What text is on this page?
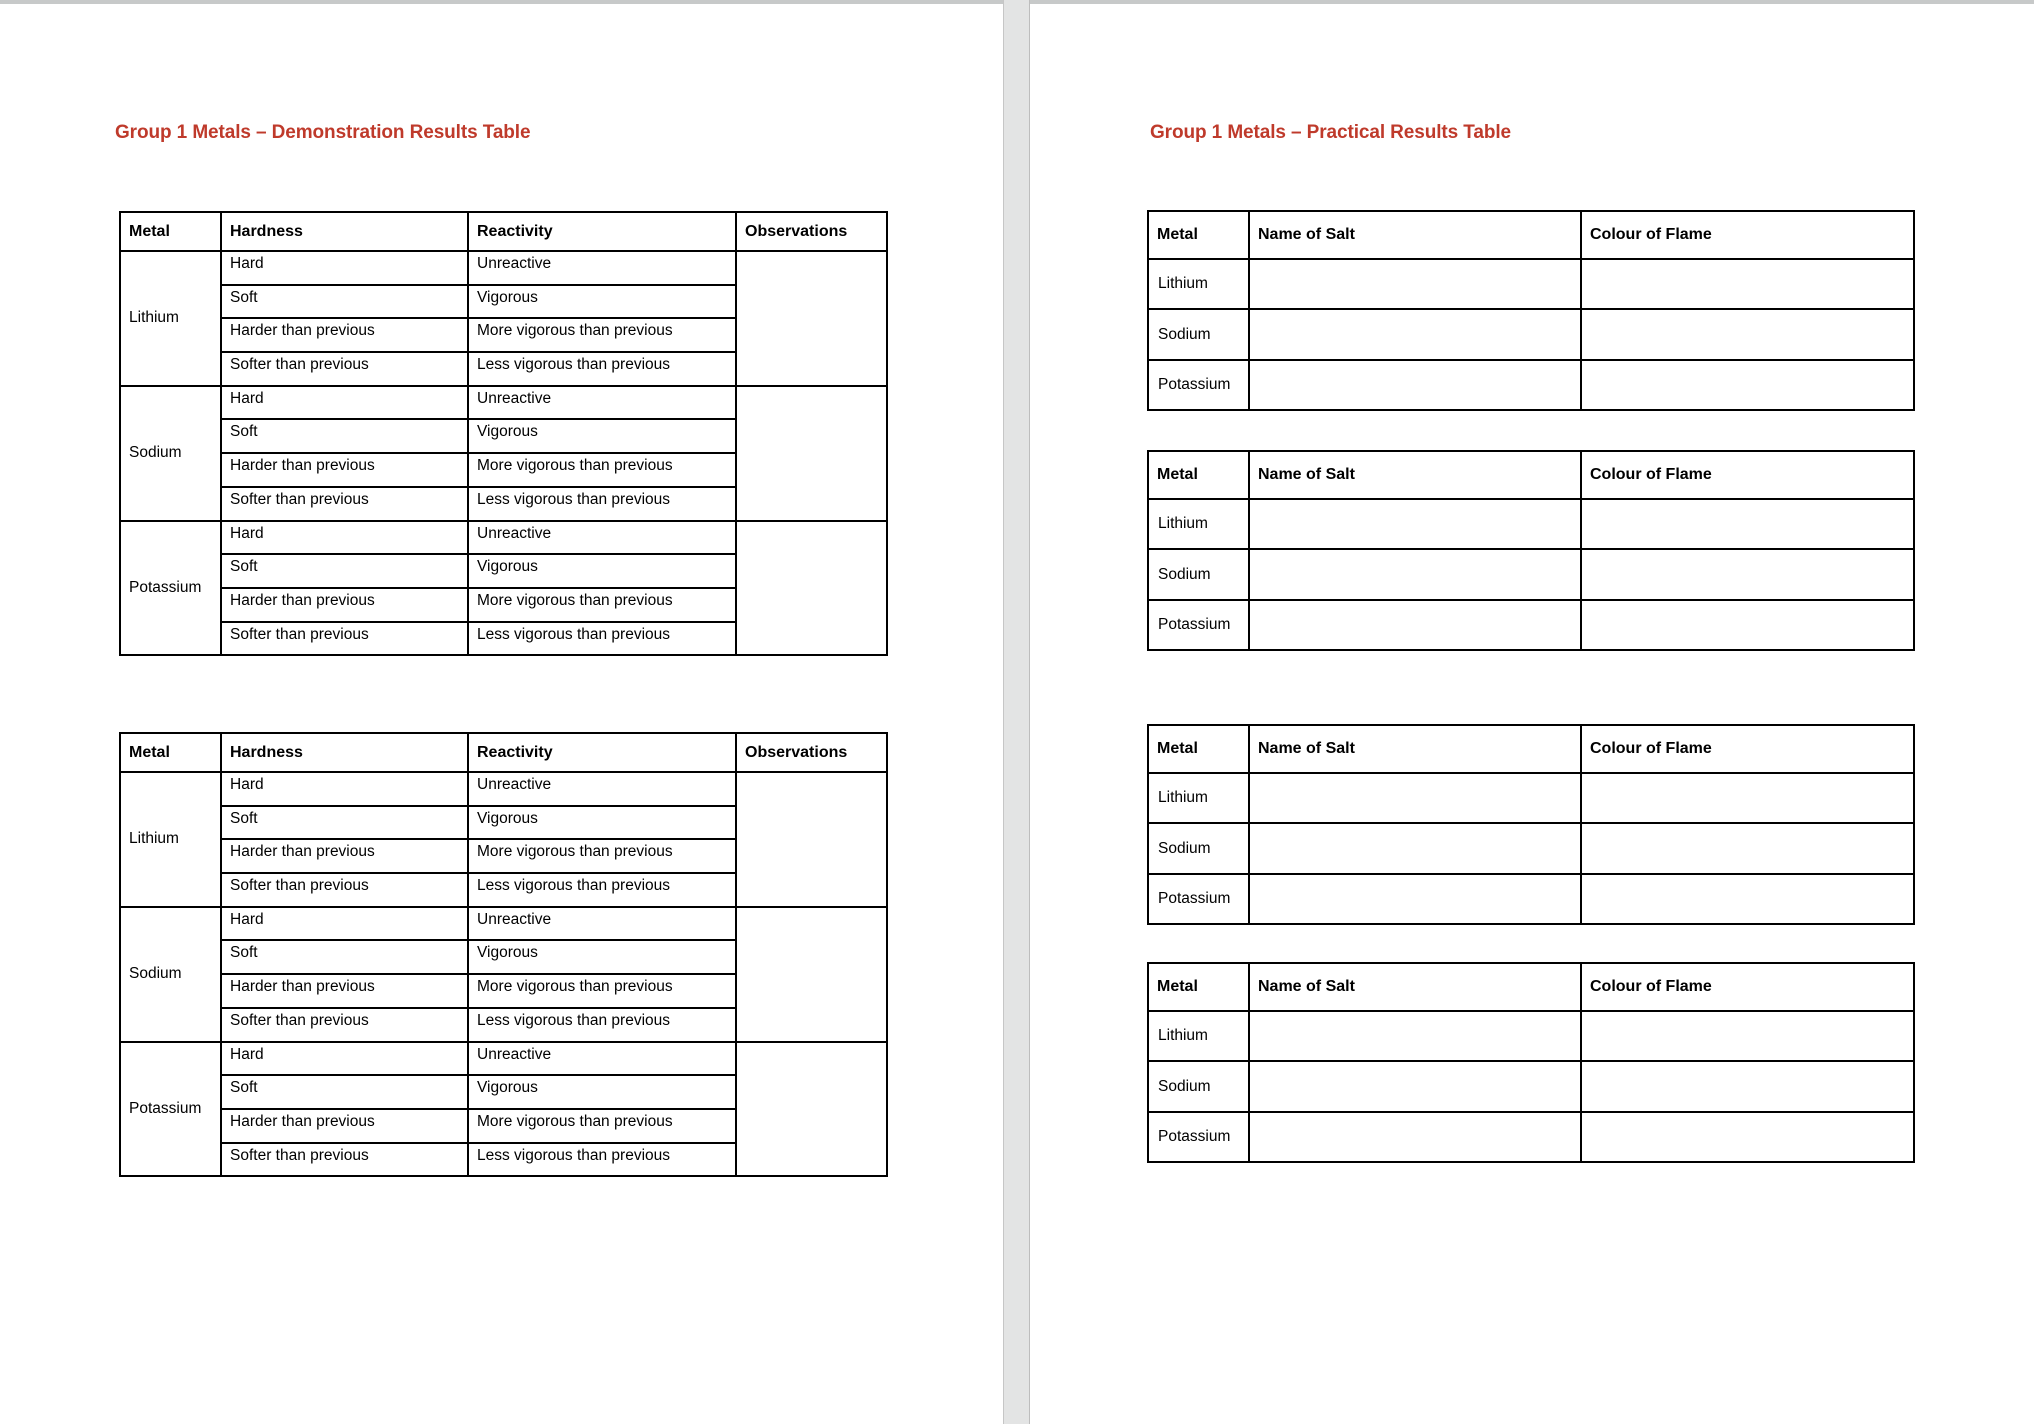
Group 1 Metals – Demonstration Results Table
Metal	Hardness	Reactivity	Observations
Lithium	Hard	Unreactive	
	Soft	Vigorous	
	Harder than previous	More vigorous than previous	
	Softer than previous	Less vigorous than previous	
Sodium	Hard	Unreactive	
	Soft	Vigorous	
	Harder than previous	More vigorous than previous	
	Softer than previous	Less vigorous than previous	
Potassium	Hard	Unreactive	
	Soft	Vigorous	
	Harder than previous	More vigorous than previous	
	Softer than previous	Less vigorous than previous	
Metal	Hardness	Reactivity	Observations
Lithium	Hard	Unreactive	
	Soft	Vigorous	
	Harder than previous	More vigorous than previous	
	Softer than previous	Less vigorous than previous	
Sodium	Hard	Unreactive	
	Soft	Vigorous	
	Harder than previous	More vigorous than previous	
	Softer than previous	Less vigorous than previous	
Potassium	Hard	Unreactive	
	Soft	Vigorous	
	Harder than previous	More vigorous than previous	
	Softer than previous	Less vigorous than previous	
Group 1 Metals – Practical Results Table
Metal	Name of Salt	Colour of Flame
Lithium		
Sodium		
Potassium		
Metal	Name of Salt	Colour of Flame
Lithium		
Sodium		
Potassium		
Metal	Name of Salt	Colour of Flame
Lithium		
Sodium		
Potassium		
Metal	Name of Salt	Colour of Flame
Lithium		
Sodium		
Potassium		
